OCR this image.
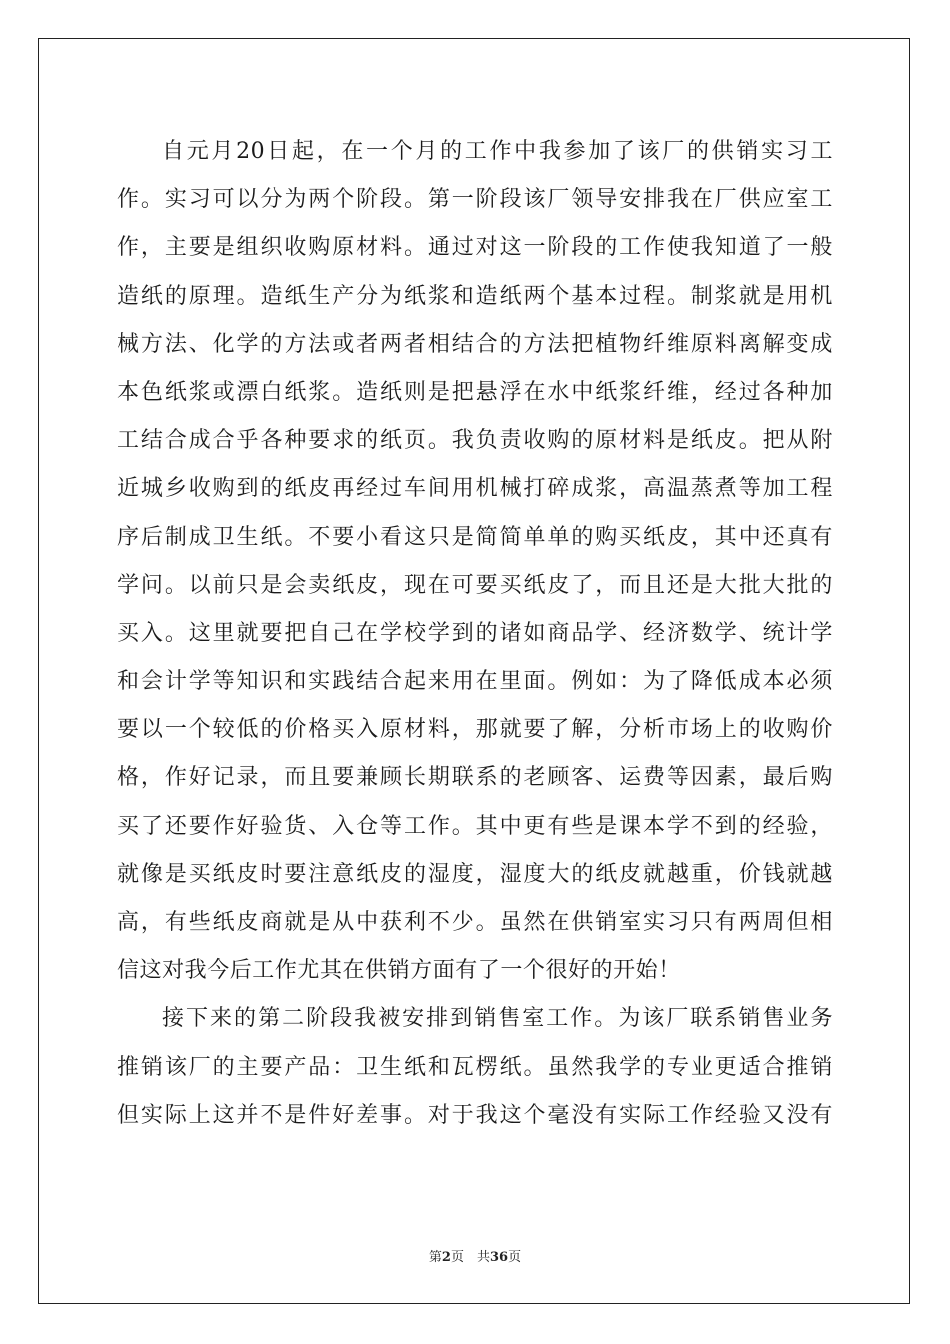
自元月20日起，在一个月的工作中我参加了该厂的供销实习工
作。实习可以分为两个阶段。第一阶段该厂领导安排我在厂供应室工
作，主要是组织收购原材料。通过对这一阶段的工作使我知道了一般
造纸的原理。造纸生产分为纸浆和造纸两个基本过程。制浆就是用机
械方法、化学的方法或者两者相结合的方法把植物纤维原料离解变成
本色纸浆或漂白纸浆。造纸则是把悬浮在水中纸浆纤维，经过各种加
工结合成合乎各种要求的纸页。我负责收购的原材料是纸皮。把从附
近城乡收购到的纸皮再经过车间用机械打碎成浆，高温蒸煮等加工程
序后制成卫生纸。不要小看这只是简简单单的购买纸皮，其中还真有
学问。以前只是会卖纸皮，现在可要买纸皮了，而且还是大批大批的
买入。这里就要把自己在学校学到的诸如商品学、经济数学、统计学
和会计学等知识和实践结合起来用在里面。例如：为了降低成本必须
要以一个较低的价格买入原材料，那就要了解，分析市场上的收购价
格，作好记录，而且要兼顾长期联系的老顾客、运费等因素，最后购
买了还要作好验货、入仓等工作。其中更有些是课本学不到的经验，
就像是买纸皮时要注意纸皮的湿度，湿度大的纸皮就越重，价钱就越
高，有些纸皮商就是从中获利不少。虽然在供销室实习只有两周但相
信这对我今后工作尤其在供销方面有了一个很好的开始！
接下来的第二阶段我被安排到销售室工作。为该厂联系销售业务
推销该厂的主要产品：卫生纸和瓦楞纸。虽然我学的专业更适合推销
但实际上这并不是件好差事。对于我这个毫没有实际工作经验又没有
第2页　共36页
